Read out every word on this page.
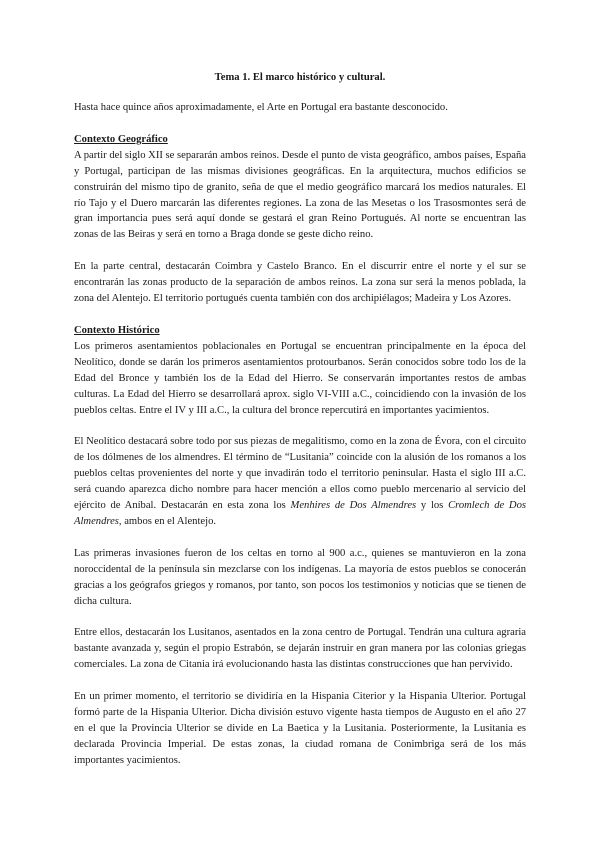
Tema 1. El marco histórico y cultural.

Hasta hace quince años aproximadamente, el Arte en Portugal era bastante desconocido.

Contexto Geográfico

A partir del siglo XII se separarán ambos reinos. Desde el punto de vista geográfico, ambos países, España y Portugal, participan de las mismas divisiones geográficas. En la arquitectura, muchos edificios se construirán del mismo tipo de granito, seña de que el medio geográfico marcará los medios naturales. El río Tajo y el Duero marcarán las diferentes regiones. La zona de las Mesetas o los Trasosmontes será de gran importancia pues será aquí donde se gestará el gran Reino Portugués. Al norte se encuentran las zonas de las Beiras y será en torno a Braga donde se geste dicho reino.

En la parte central, destacarán Coimbra y Castelo Branco. En el discurrir entre el norte y el sur se encontrarán las zonas producto de la separación de ambos reinos. La zona sur será la menos poblada, la zona del Alentejo. El territorio portugués cuenta también con dos archipiélagos; Madeira y Los Azores.

Contexto Histórico

Los primeros asentamientos poblacionales en Portugal se encuentran principalmente en la época del Neolítico, donde se darán los primeros asentamientos protourbanos. Serán conocidos sobre todo los de la Edad del Bronce y también los de la Edad del Hierro. Se conservarán importantes restos de ambas culturas. La Edad del Hierro se desarrollará aprox. siglo VI-VIII a.C., coincidiendo con la invasión de los pueblos celtas. Entre el IV y III a.C., la cultura del bronce repercutirá en importantes yacimientos.

El Neolítico destacará sobre todo por sus piezas de megalitismo, como en la zona de Évora, con el circuito de los dólmenes de los almendres. El término de “Lusitania” coincide con la alusión de los romanos a los pueblos celtas provenientes del norte y que invadirán todo el territorio peninsular. Hasta el siglo III a.C. será cuando aparezca dicho nombre para hacer mención a ellos como pueblo mercenario al servicio del ejército de Aníbal. Destacarán en esta zona los Menhires de Dos Almendres y los Cromlech de Dos Almendres, ambos en el Alentejo.

Las primeras invasiones fueron de los celtas en torno al 900 a.c., quienes se mantuvieron en la zona noroccidental de la península sin mezclarse con los indígenas. La mayoría de estos pueblos se conocerán gracias a los geógrafos griegos y romanos, por tanto, son pocos los testimonios y noticias que se tienen de dicha cultura.

Entre ellos, destacarán los Lusitanos, asentados en la zona centro de Portugal. Tendrán una cultura agraria bastante avanzada y, según el propio Estrabón, se dejarán instruir en gran manera por las colonias griegas comerciales. La zona de Citania irá evolucionando hasta las distintas construcciones que han pervivido.

En un primer momento, el territorio se dividiría en la Hispania Citerior y la Hispania Ulterior. Portugal formó parte de la Hispania Ulterior. Dicha división estuvo vigente hasta tiempos de Augusto en el año 27 en el que la Provincia Ulterior se divide en La Baetica y la Lusitania. Posteriormente, la Lusitania es declarada Provincia Imperial. De estas zonas, la ciudad romana de Conimbriga será de los más importantes yacimientos.
